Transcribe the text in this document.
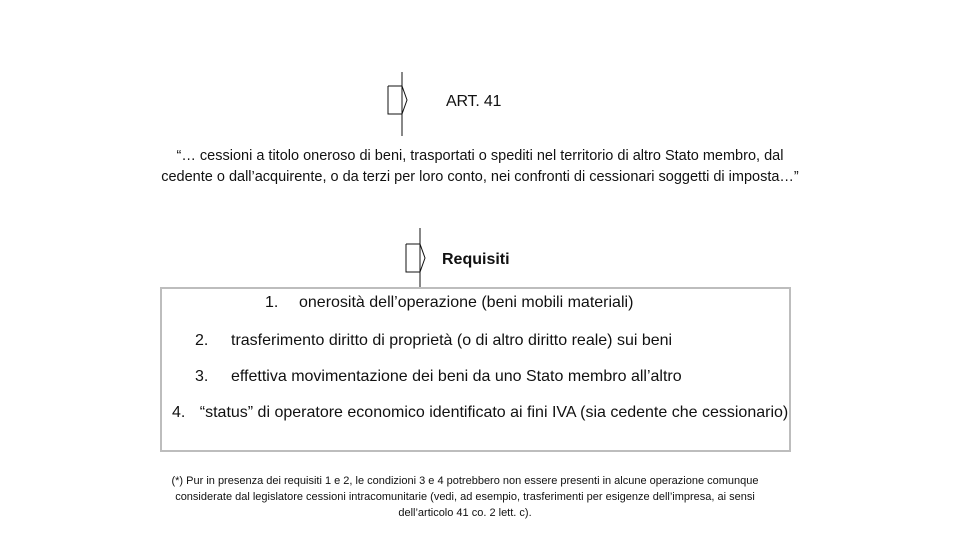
ART. 41
“… cessioni a titolo oneroso di beni, trasportati o spediti nel territorio di altro Stato membro, dal cedente o dall’acquirente, o da terzi per loro conto, nei confronti di cessionari soggetti di imposta…”
Requisiti
1. onerosità dell’operazione (beni mobili materiali)
2. trasferimento diritto di proprietà (o di altro diritto reale) sui beni
3. effettiva movimentazione dei beni da uno Stato membro all’altro
4. “status” di operatore economico identificato ai fini IVA (sia cedente che cessionario)
(*) Pur in presenza dei requisiti 1 e 2, le condizioni 3 e 4 potrebbero non essere presenti in alcune operazione comunque considerate dal legislatore cessioni intracomunitarie (vedi, ad esempio, trasferimenti per esigenze dell’impresa, ai sensi dell’articolo 41 co. 2 lett. c).
